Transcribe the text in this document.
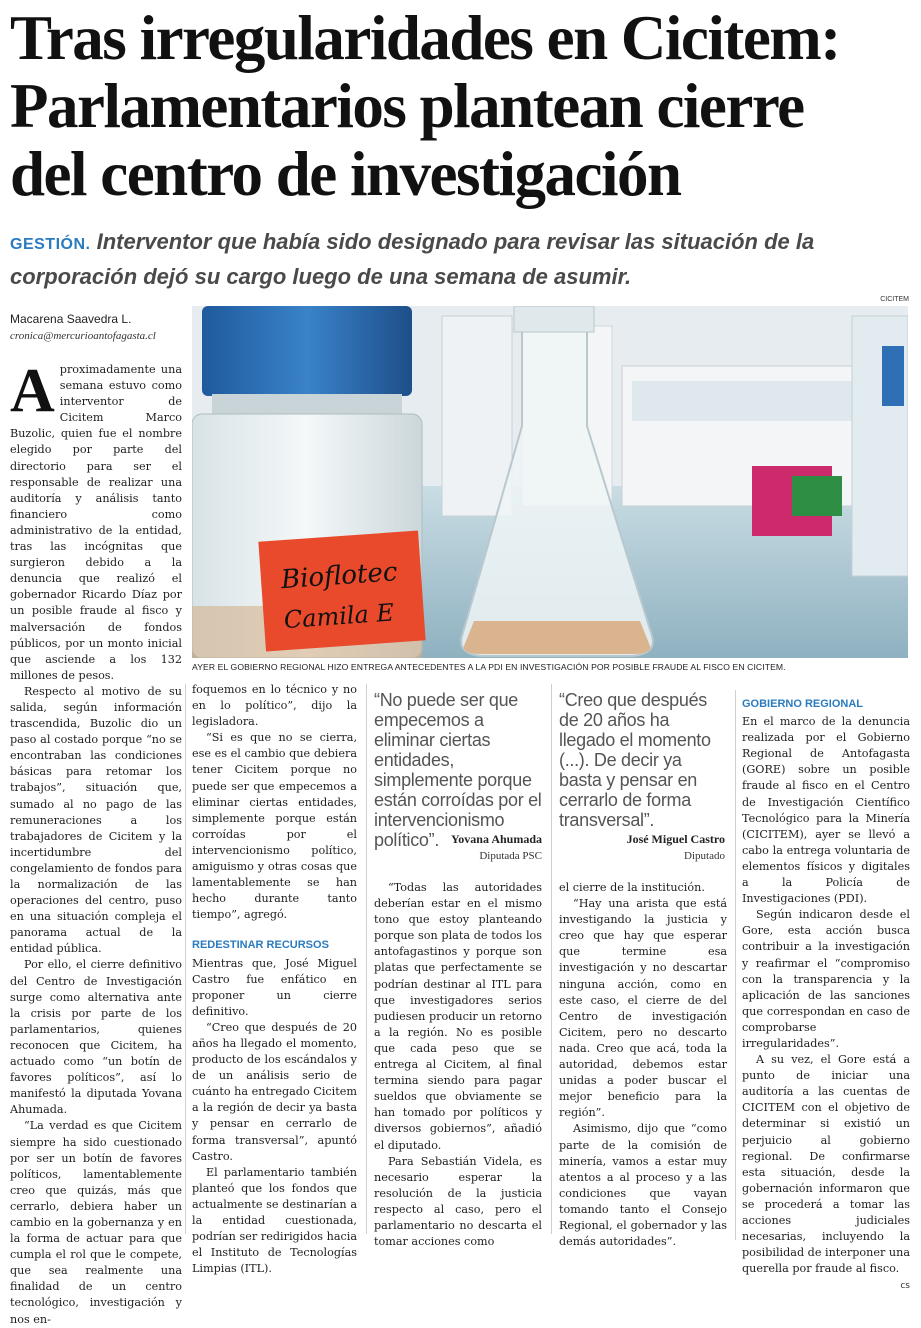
Tras irregularidades en Cicitem:
Parlamentarios plantean cierre
del centro de investigación

GESTIÓN. Interventor que había sido designado para revisar las situación de la corporación dejó su cargo luego de una semana de asumir.

Macarena Saavedra L.
cronica@mercurioantofagasta.cl
CICITEM
Bioflotec
Camila E
AYER EL GOBIERNO REGIONAL HIZO ENTREGA ANTECEDENTES A LA PDI EN INVESTIGACIÓN POR POSIBLE FRAUDE AL FISCO EN CICITEM.
A proximadamente una semana estuvo como interventor de Cicitem Marco Buzolic, quien fue el nombre elegido por parte del directorio para ser el responsable de realizar una auditoría y análisis tanto financiero como administrativo de la entidad, tras las incógnitas que surgieron debido a la denuncia que realizó el gobernador Ricardo Díaz por un posible fraude al fisco y malversación de fondos públicos, por un monto inicial que asciende a los 132 millones de pesos.

Respecto al motivo de su salida, según información trascendida, Buzolic dio un paso al costado porque “no se encontraban las condiciones básicas para retomar los trabajos”, situación que, sumado al no pago de las remuneraciones a los trabajadores de Cicitem y la incertidumbre del congelamiento de fondos para la normalización de las operaciones del centro, puso en una situación compleja el panorama actual de la entidad pública.

Por ello, el cierre definitivo del Centro de Investigación surge como alternativa ante la crisis por parte de los parlamentarios, quienes reconocen que Cicitem, ha actuado como “un botín de favores políticos”, así lo manifestó la diputada Yovana Ahumada.

“La verdad es que Cicitem siempre ha sido cuestionado por ser un botín de favores políticos, lamentablemente creo que quizás, más que cerrarlo, debiera haber un cambio en la gobernanza y en la forma de actuar para que cumpla el rol que le compete, que sea realmente una finalidad de un centro tecnológico, investigación y nos en-

foquemos en lo técnico y no en lo político”, dijo la legisladora.

“Si es que no se cierra, ese es el cambio que debiera tener Cicitem porque no puede ser que empecemos a eliminar ciertas entidades, simplemente porque están corroídas por el intervencionismo político, amiguismo y otras cosas que lamentablemente se han hecho durante tanto tiempo”, agregó.

REDESTINAR RECURSOS

Mientras que, José Miguel Castro fue enfático en proponer un cierre definitivo.

“Creo que después de 20 años ha llegado el momento, producto de los escándalos y de un análisis serio de cuánto ha entregado Cicitem a la región de decir ya basta y pensar en cerrarlo de forma transversal”, apuntó Castro.

El parlamentario también planteó que los fondos que actualmente se destinarían a la entidad cuestionada, podrían ser redirigidos hacia el Instituto de Tecnologías Limpias (ITL).

“No puede ser que empecemos a eliminar ciertas entidades, simplemente porque están corroídas por el intervencionismo político”. Yovana Ahumada
Diputada PSC
“Creo que después de 20 años ha llegado el momento (...). De decir ya basta y pensar en cerrarlo de forma transversal”.
José Miguel Castro
Diputado

“Todas las autoridades deberían estar en el mismo tono que estoy planteando porque son plata de todos los antofagastinos y porque son platas que perfectamente se podrían destinar al ITL para que investigadores serios pudiesen producir un retorno a la región. No es posible que cada peso que se entrega al Cicitem, al final termina siendo para pagar sueldos que obviamente se han tomado por políticos y diversos gobiernos”, añadió el diputado.

Para Sebastián Videla, es necesario esperar la resolución de la justicia respecto al caso, pero el parlamentario no descarta el tomar acciones como

el cierre de la institución.

“Hay una arista que está investigando la justicia y creo que hay que esperar que termine esa investigación y no descartar ninguna acción, como en este caso, el cierre de del Centro de investigación Cicitem, pero no descarto nada. Creo que acá, toda la autoridad, debemos estar unidas a poder buscar el mejor beneficio para la región”.

Asimismo, dijo que “como parte de la comisión de minería, vamos a estar muy atentos a al proceso y a las condiciones que vayan tomando tanto el Consejo Regional, el gobernador y las demás autoridades”.

GOBIERNO REGIONAL

En el marco de la denuncia realizada por el Gobierno Regional de Antofagasta (GORE) sobre un posible fraude al fisco en el Centro de Investigación Científico Tecnológico para la Minería (CICITEM), ayer se llevó a cabo la entrega voluntaria de elementos físicos y digitales a la Policía de Investigaciones (PDI).

Según indicaron desde el Gore, esta acción busca contribuir a la investigación y reafirmar el “compromiso con la transparencia y la aplicación de las sanciones que correspondan en caso de comprobarse irregularidades”.

A su vez, el Gore está a punto de iniciar una auditoría a las cuentas de CICITEM con el objetivo de determinar si existió un perjuicio al gobierno regional. De confirmarse esta situación, desde la gobernación informaron que se procederá a tomar las acciones judiciales necesarias, incluyendo la posibilidad de interponer una querella por fraude al fisco.

cs
